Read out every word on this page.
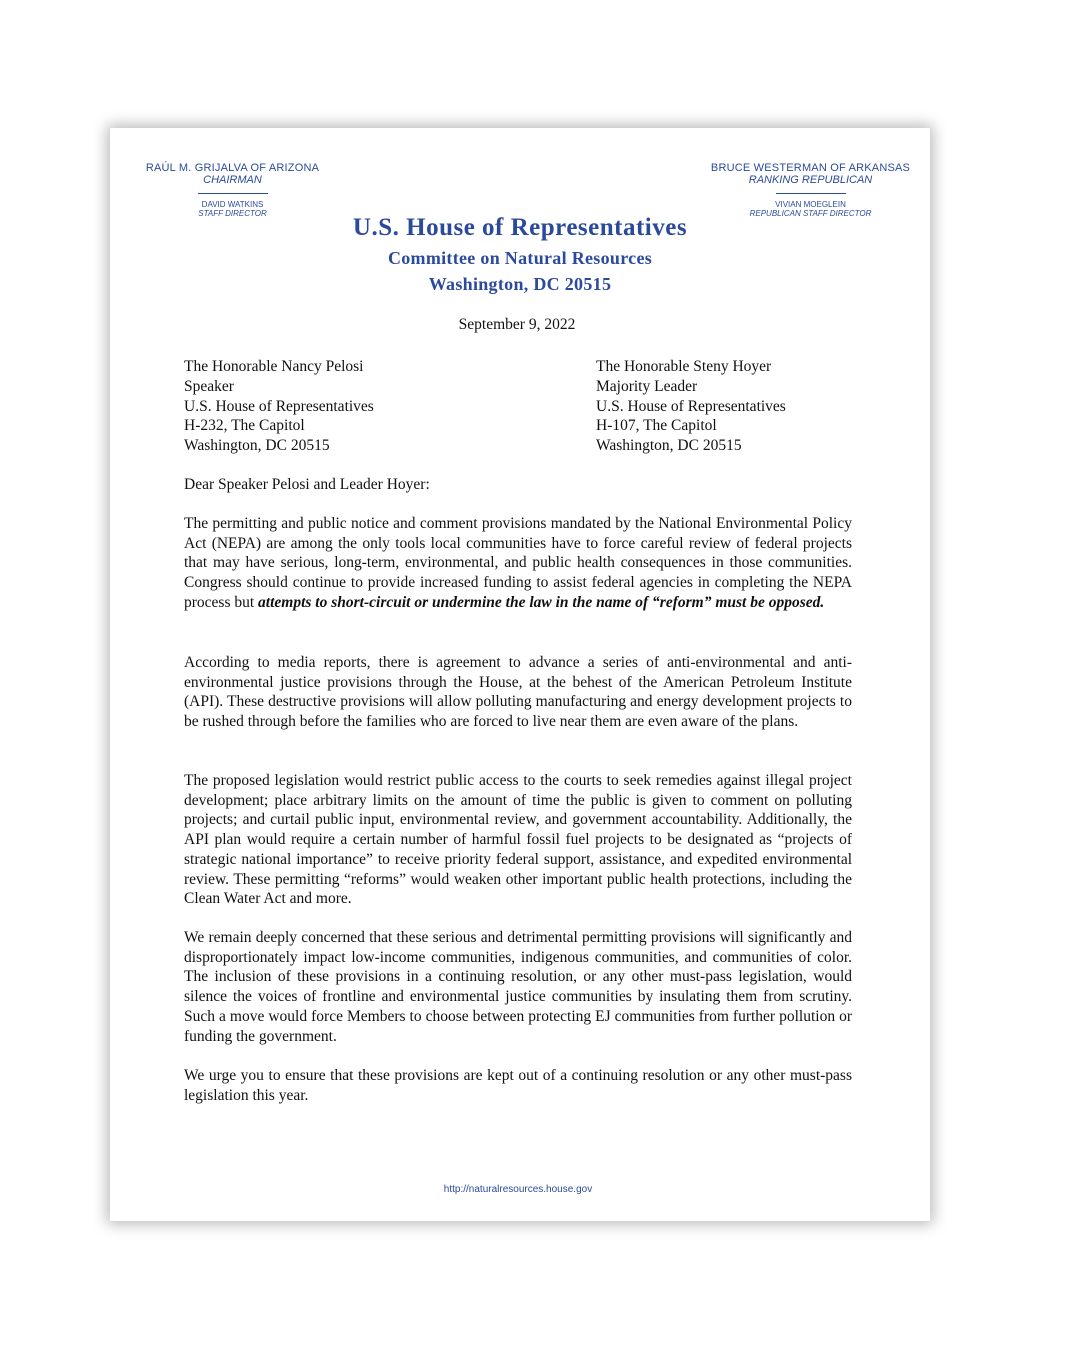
RAÚL M. GRIJALVA OF ARIZONA
CHAIRMAN
DAVID WATKINS
STAFF DIRECTOR
BRUCE WESTERMAN OF ARKANSAS
RANKING REPUBLICAN
VIVIAN MOEGLEIN
REPUBLICAN STAFF DIRECTOR
U.S. House of Representatives
Committee on Natural Resources
Washington, DC 20515
September 9, 2022
The Honorable Nancy Pelosi
Speaker
U.S. House of Representatives
H-232, The Capitol
Washington, DC 20515
The Honorable Steny Hoyer
Majority Leader
U.S. House of Representatives
H-107, The Capitol
Washington, DC 20515
Dear Speaker Pelosi and Leader Hoyer:
The permitting and public notice and comment provisions mandated by the National Environmental Policy Act (NEPA) are among the only tools local communities have to force careful review of federal projects that may have serious, long-term, environmental, and public health consequences in those communities. Congress should continue to provide increased funding to assist federal agencies in completing the NEPA process but attempts to short-circuit or undermine the law in the name of “reform” must be opposed.
According to media reports, there is agreement to advance a series of anti-environmental and anti-environmental justice provisions through the House, at the behest of the American Petroleum Institute (API). These destructive provisions will allow polluting manufacturing and energy development projects to be rushed through before the families who are forced to live near them are even aware of the plans.
The proposed legislation would restrict public access to the courts to seek remedies against illegal project development; place arbitrary limits on the amount of time the public is given to comment on polluting projects; and curtail public input, environmental review, and government accountability. Additionally, the API plan would require a certain number of harmful fossil fuel projects to be designated as “projects of strategic national importance” to receive priority federal support, assistance, and expedited environmental review. These permitting “reforms” would weaken other important public health protections, including the Clean Water Act and more.
We remain deeply concerned that these serious and detrimental permitting provisions will significantly and disproportionately impact low-income communities, indigenous communities, and communities of color. The inclusion of these provisions in a continuing resolution, or any other must-pass legislation, would silence the voices of frontline and environmental justice communities by insulating them from scrutiny. Such a move would force Members to choose between protecting EJ communities from further pollution or funding the government.
We urge you to ensure that these provisions are kept out of a continuing resolution or any other must-pass legislation this year.
http://naturalresources.house.gov
